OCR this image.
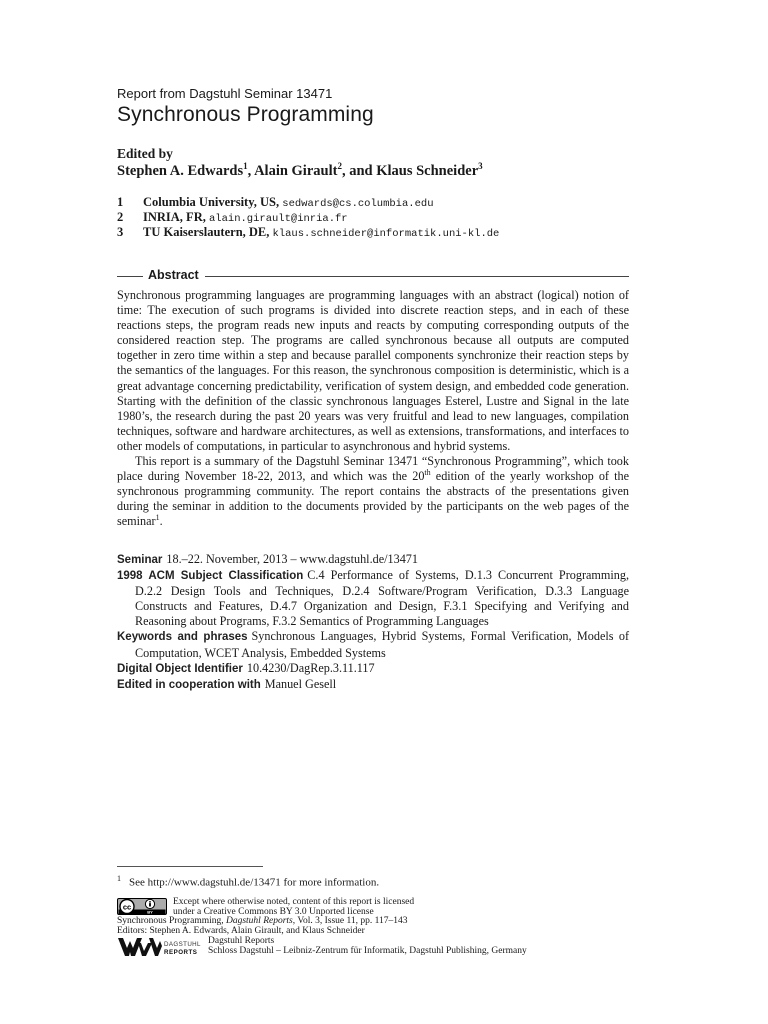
Report from Dagstuhl Seminar 13471
Synchronous Programming
Edited by
Stephen A. Edwards$^1$, Alain Girault$^2$, and Klaus Schneider$^3$
1 Columbia University, US, sedwards@cs.columbia.edu
2 INRIA, FR, alain.girault@inria.fr
3 TU Kaiserslautern, DE, klaus.schneider@informatik.uni-kl.de
Abstract

Synchronous programming languages are programming languages with an abstract (logical) notion of time: The execution of such programs is divided into discrete reaction steps, and in each of these reactions steps, the program reads new inputs and reacts by computing corresponding outputs of the considered reaction step. The programs are called synchronous because all outputs are computed together in zero time within a step and because parallel components synchronize their reaction steps by the semantics of the languages. For this reason, the synchronous composition is deterministic, which is a great advantage concerning predictability, verification of system design, and embedded code generation. Starting with the definition of the classic synchronous languages Esterel, Lustre and Signal in the late 1980’s, the research during the past 20 years was very fruitful and lead to new languages, compilation techniques, software and hardware architectures, as well as extensions, transformations, and interfaces to other models of computations, in particular to asynchronous and hybrid systems.

This report is a summary of the Dagstuhl Seminar 13471 “Synchronous Programming”, which took place during November 18-22, 2013, and which was the 20th edition of the yearly workshop of the synchronous programming community. The report contains the abstracts of the presentations given during the seminar in addition to the documents provided by the participants on the web pages of the seminar$^1$.

Seminar 18.–22. November, 2013 – www.dagstuhl.de/13471
1998 ACM Subject Classification C.4 Performance of Systems, D.1.3 Concurrent Programming, D.2.2 Design Tools and Techniques, D.2.4 Software/Program Verification, D.3.3 Language Constructs and Features, D.4.7 Organization and Design, F.3.1 Specifying and Verifying and Reasoning about Programs, F.3.2 Semantics of Programming Languages
Keywords and phrases Synchronous Languages, Hybrid Systems, Formal Verification, Models of Computation, WCET Analysis, Embedded Systems
Digital Object Identifier 10.4230/DagRep.3.11.117
Edited in cooperation with Manuel Gesell
$^1$ See http://www.dagstuhl.de/13471 for more information.
cc
BY
Except where otherwise noted, content of this report is licensed
under a Creative Commons BY 3.0 Unported license
Synchronous Programming, Dagstuhl Reports, Vol. 3, Issue 11, pp. 117–143
Editors: Stephen A. Edwards, Alain Girault, and Klaus Schneider
DAGSTUHL
REPORTS
Dagstuhl Reports
Schloss Dagstuhl – Leibniz-Zentrum für Informatik, Dagstuhl Publishing, Germany
